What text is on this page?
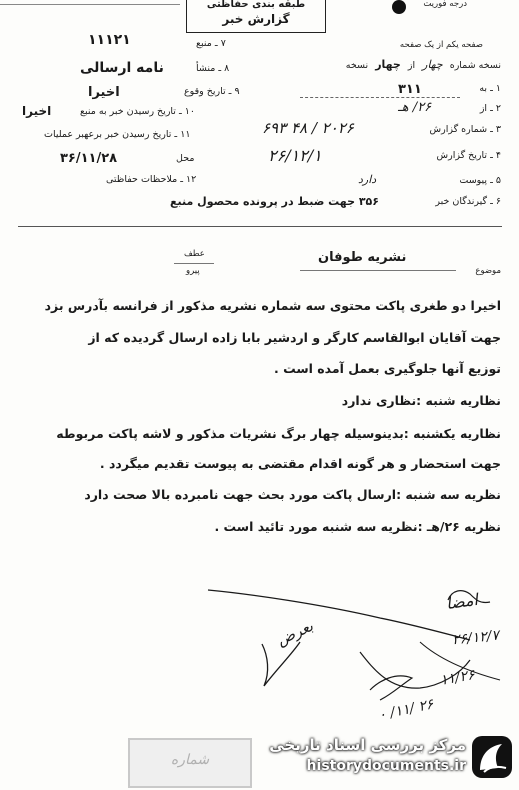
درجه فوریت
طبقه بندی حفاظتی
گزارش خبر
صفحه یکم از یک صفحه
نسخه شماره چهار از چهار نسخه
۱ ـ به
۳۱۱
۲ ـ از
۲۶/ هـ
۳ ـ شماره گزارش
۶۹۳ ۴۸ / ۲۰۲۶
۴ ـ تاریخ گزارش
۲۶/۱۲/۱
۵ ـ پیوست
دارد
۶ ـ گیرندگان خبر
۳۵۶ جهت ضبط در پرونده محصول منبع
۱۱۱۲۱	۷ ـ منبع
نامه ارسالی	۸ ـ منشأ
اخیرا	۹ ـ تاریخ وقوع
اخیرا	۱۰ ـ تاریخ رسیدن خبر به منبع
۱۱ ـ تاریخ رسیدن خبر برعهبر عملیات
۳۶/۱۱/۲۸	محل
۱۲ ـ ملاحظات حفاظتی
عطف
پیرو
نشریه طوفان
موضوع
اخیرا دو طغری پاکت محتوی سه شماره نشریه مذکور از فرانسه بآدرس بزد
جهت آقایان ابوالقاسم کارگر و اردشیر بابا زاده ارسال گردیده که از
توزیع آنها جلوگیری بعمل آمده است .
نظاریه شنبه :نظاری ندارد
نظاریه یکشنبه :بدینوسیله چهار برگ نشریات مذکور و لاشه پاکت مربوطه
جهت استحضار و هر گونه اقدام مقتضی به پیوست تقدیم میگردد .
نظریه سه شنبه :ارسال پاکت مورد بحث جهت نامبرده بالا صحت دارد
نظریه ۲۶/هـ :نظریه سه شنبه مورد تائید است .
امضا
بعرض	۲۶/۱۲/۷
۱۱/۲۶
۰ /۱۱/ ۲۶
شماره
مرکز بررسی اسناد تاریخی
historydocuments.ir
